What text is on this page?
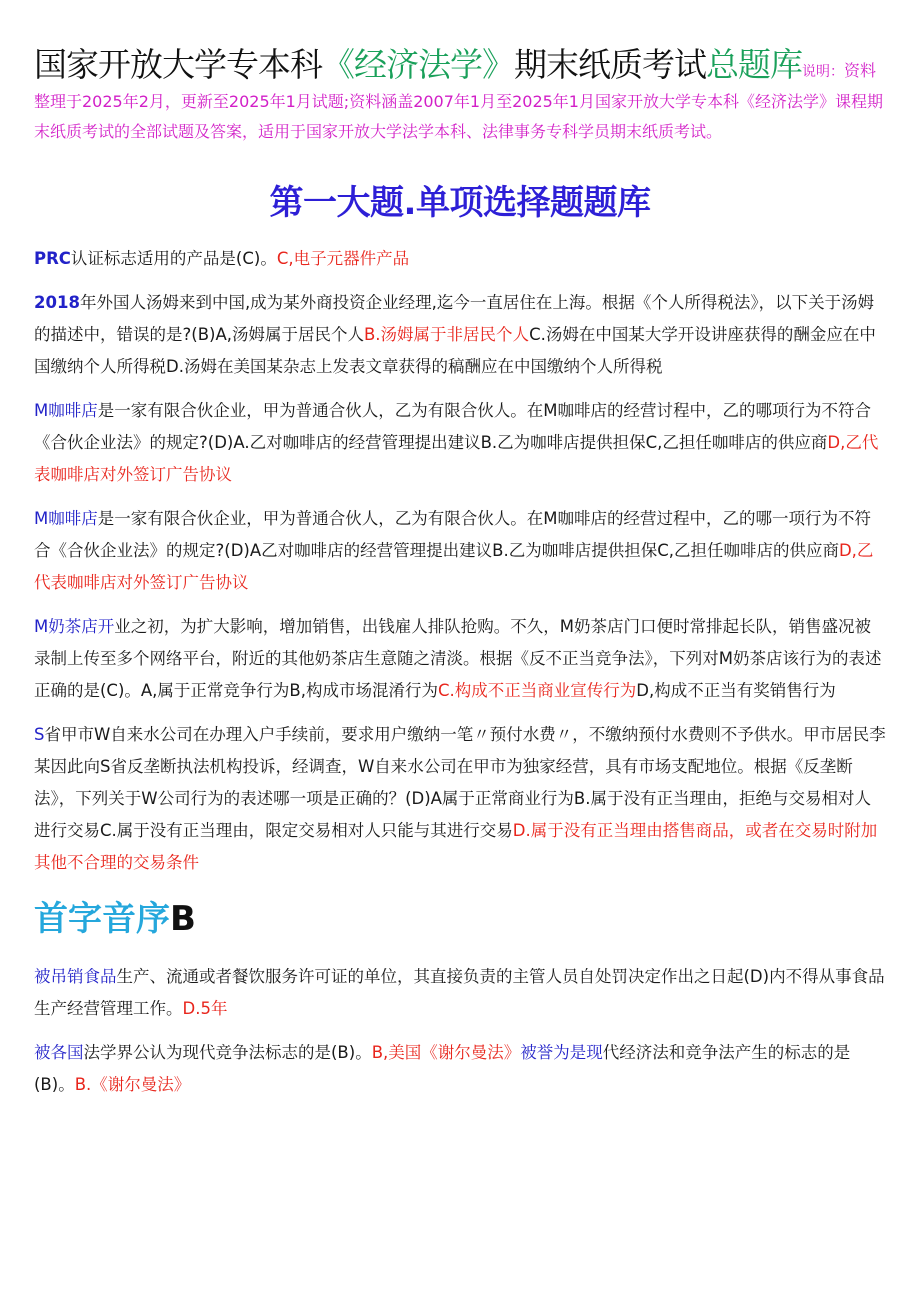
国家开放大学专本科《经济法学》期末纸质考试总题库说明：资料整理于2025年2月，更新至2025年1月试题;资料涵盖2007年1月至2025年1月国家开放大学专本科《经济法学》课程期末纸质考试的全部试题及答案，适用于国家开放大学法学本科、法律事务专科学员期末纸质考试。
第一大题.单项选择题题库

PRC认证标志适用的产品是(C)。C,电子元器件产品

2018年外国人汤姆来到中国,成为某外商投资企业经理,迄今一直居住在上海。根据《个人所得税法》，以下关于汤姆的描述中，错误的是?(B)A,汤姆属于居民个人B.汤姆属于非居民个人C.汤姆在中国某大学开设讲座获得的酬金应在中国缴纳个人所得税D.汤姆在美国某杂志上发表文章获得的稿酬应在中国缴纳个人所得税

M咖啡店是一家有限合伙企业，甲为普通合伙人，乙为有限合伙人。在M咖啡店的经营讨程中，乙的哪项行为不符合《合伙企业法》的规定?(D)A.乙对咖啡店的经营管理提出建议B.乙为咖啡店提供担保C,乙担任咖啡店的供应商D,乙代表咖啡店对外签订广告协议

M咖啡店是一家有限合伙企业，甲为普通合伙人，乙为有限合伙人。在M咖啡店的经营过程中，乙的哪一项行为不符合《合伙企业法》的规定?(D)A乙对咖啡店的经营管理提出建议B.乙为咖啡店提供担保C,乙担任咖啡店的供应商D,乙代表咖啡店对外签订广告协议

M奶茶店开业之初，为扩大影响，增加销售，出钱雇人排队抢购。不久，M奶茶店门口便时常排起长队，销售盛况被录制上传至多个网络平台，附近的其他奶茶店生意随之清淡。根据《反不正当竞争法》，下列对M奶茶店该行为的表述正确的是(C)。A,属于正常竞争行为B,构成市场混淆行为C.构成不正当商业宣传行为D,构成不正当有奖销售行为

S省甲市W自来水公司在办理入户手续前，要求用户缴纳一笔〃预付水费〃，不缴纳预付水费则不予供水。甲市居民李某因此向S省反垄断执法机构投诉，经调查，W自来水公司在甲市为独家经营，具有市场支配地位。根据《反垄断法》，下列关于W公司行为的表述哪一项是正确的？(D)A属于正常商业行为B.属于没有正当理由，拒绝与交易相对人进行交易C.属于没有正当理由，限定交易相对人只能与其进行交易D.属于没有正当理由搭售商品，或者在交易时附加其他不合理的交易条件

首字音序B

被吊销食品生产、流通或者餐饮服务许可证的单位，其直接负责的主管人员自处罚决定作出之日起(D)内不得从事食品生产经营管理工作。D.5年

被各国法学界公认为现代竞争法标志的是(B)。B,美国《谢尔曼法》被誉为是现代经济法和竞争法产生的标志的是(B)。B.《谢尔曼法》
